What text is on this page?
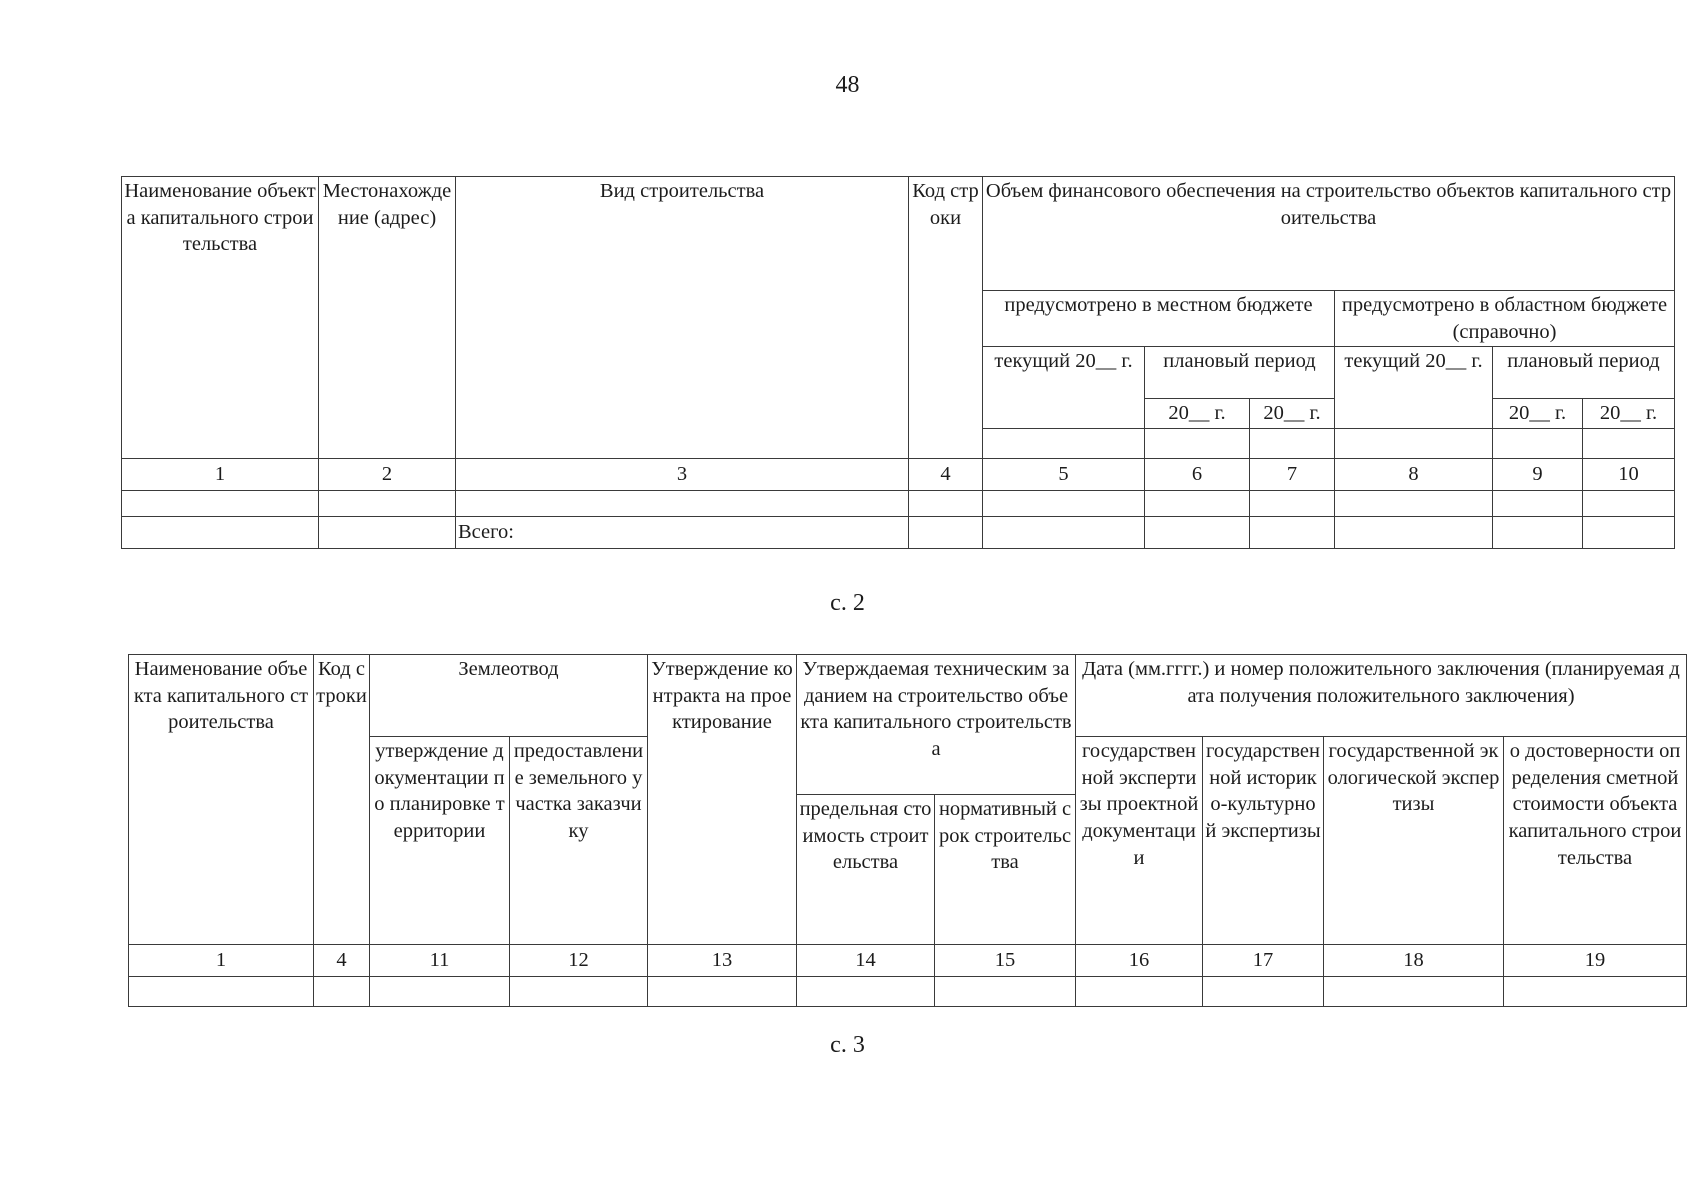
48
Наименование объекта капитального строительства	Местонахождение (адрес)	Вид строительства	Код строки	Объем финансового обеспечения на строительство объектов капитального строительства					
				предусмотрено в местном бюджете			предусмотрено в областном бюджете (справочно)		
				текущий 20__ г.	плановый период		текущий 20__ г.	плановый период	
					20__ г.	20__ г.		20__ г.	20__ г.

1	2	3	4	5	6	7	8	9	10

		Всего:							
с. 2
Наименование объекта капитального строительства	Код строки	Землеотвод		Утверждение контракта на проектирование	Утверждаемая техническим заданием на строительство объекта капитального строительства		Дата (мм.гггг.) и номер положительного заключения (планируемая дата получения положительного заключения)			
		утверждение документации по планировке территории	предоставление земельного участка заказчику				государственной экспертизы проектной документации	государственной историко-культурной экспертизы	государственной экологической экспертизы	о достоверности определения сметной стоимости объекта капитального строительства
					предельная стоимость строительства	нормативный срок строительства				
1	4	11	12	13	14	15	16	17	18	19

с. 3
